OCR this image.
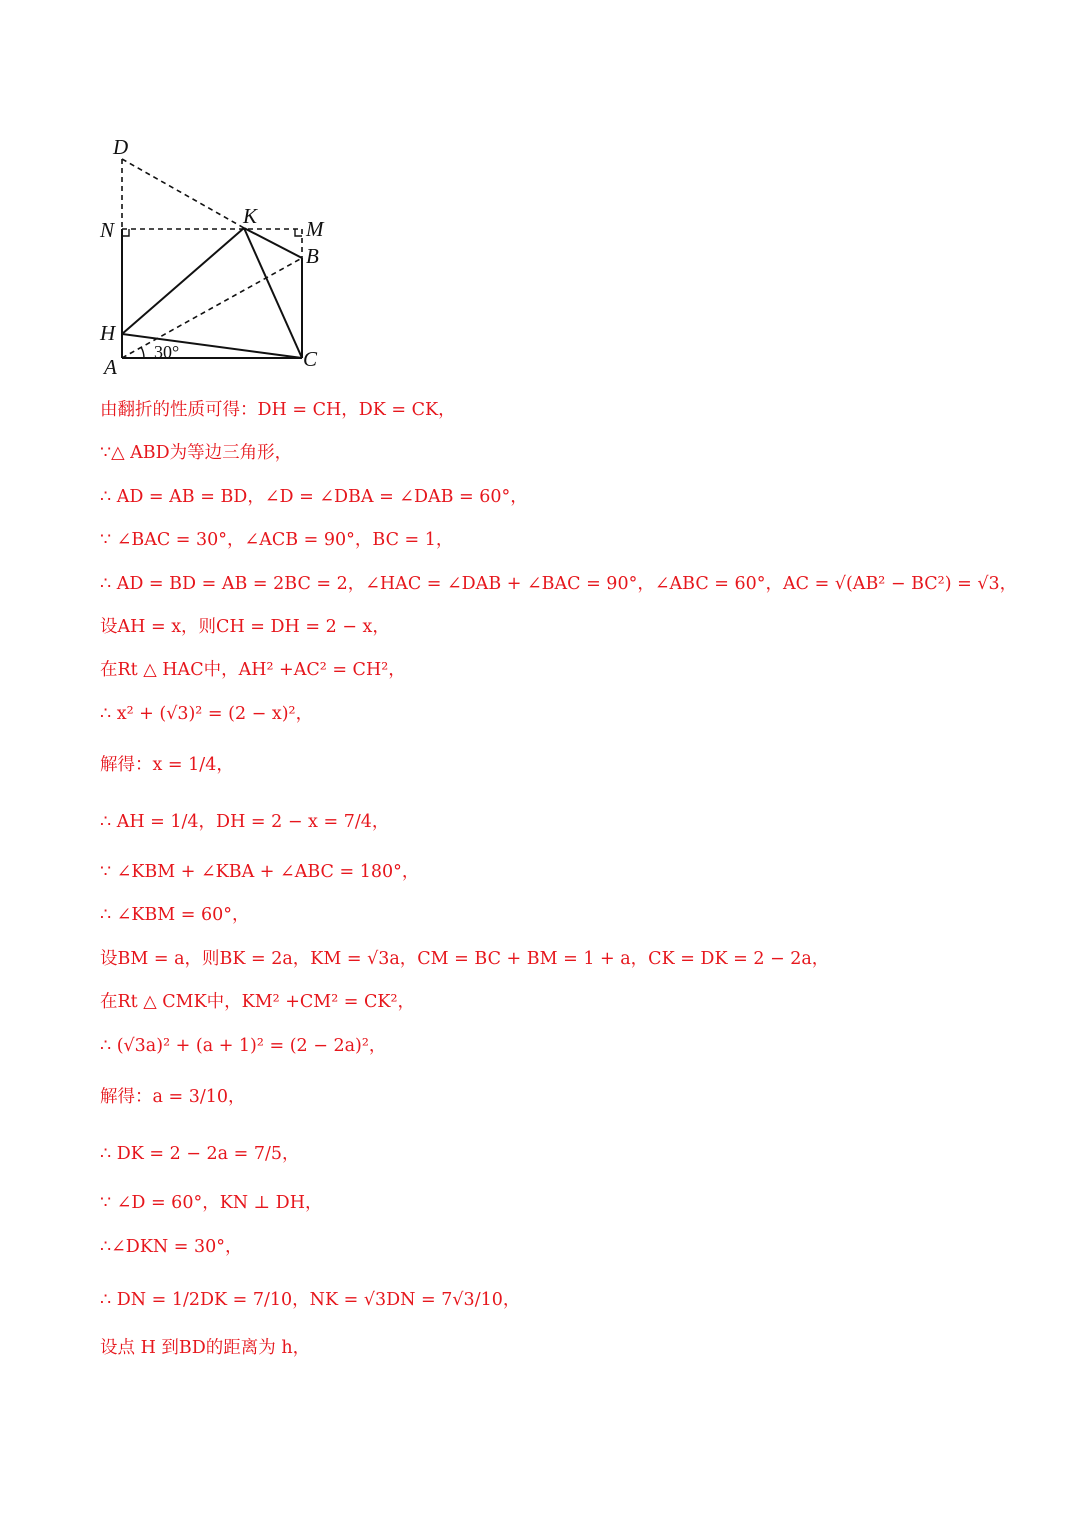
D
N
K
M
B
H
A	C
30°
由翻折的性质可得：DH = CH，DK = CK，
∵△ ABD为等边三角形，
∴ AD = AB = BD，∠D = ∠DBA = ∠DAB = 60°，
∵ ∠BAC = 30°，∠ACB = 90°，BC = 1，
∴ AD = BD = AB = 2BC = 2，∠HAC = ∠DAB + ∠BAC = 90°，∠ABC = 60°，AC = √(AB² − BC²) = √3，
设AH = x，则CH = DH = 2 − x，
在Rt △ HAC中，AH² +AC² = CH²，
∴ x² + (√3)² = (2 − x)²，
解得：x = 1/4，
∴ AH = 1/4，DH = 2 − x = 7/4，
∵ ∠KBM + ∠KBA + ∠ABC = 180°，
∴ ∠KBM = 60°，
设BM = a，则BK = 2a，KM = √3a，CM = BC + BM = 1 + a，CK = DK = 2 − 2a，
在Rt △ CMK中，KM² +CM² = CK²，
∴ (√3a)² + (a + 1)² = (2 − 2a)²，
解得：a = 3/10，
∴ DK = 2 − 2a = 7/5，
∵ ∠D = 60°，KN ⊥ DH，
∴∠DKN = 30°，
∴ DN = 1/2DK = 7/10，NK = √3DN = 7√3/10，
设点 H 到BD的距离为 h，
